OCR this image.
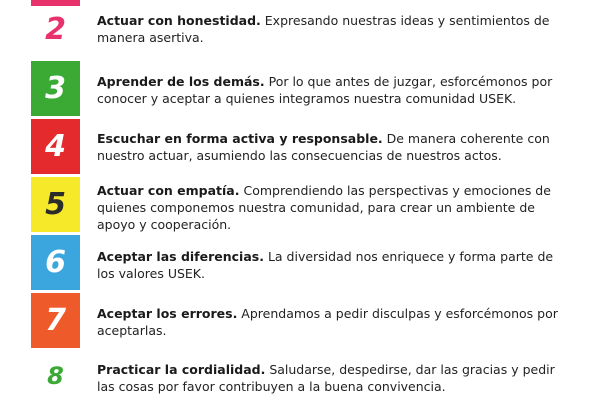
2 Actuar con honestidad. Expresando nuestras ideas y sentimientos de manera asertiva.
3 Aprender de los demás. Por lo que antes de juzgar, esforcémonos por conocer y aceptar a quienes integramos nuestra comunidad USEK.
4 Escuchar en forma activa y responsable. De manera coherente con nuestro actuar, asumiendo las consecuencias de nuestros actos.
5 Actuar con empatía. Comprendiendo las perspectivas y emociones de quienes componemos nuestra comunidad, para crear un ambiente de apoyo y cooperación.
6 Aceptar las diferencias. La diversidad nos enriquece y forma parte de los valores USEK.
7 Aceptar los errores. Aprendamos a pedir disculpas y esforcémonos por aceptarlas.
8	Practicar la cordialidad. Saludarse, despedirse, dar las gracias y pedir las cosas por favor contribuyen a la buena convivencia.
